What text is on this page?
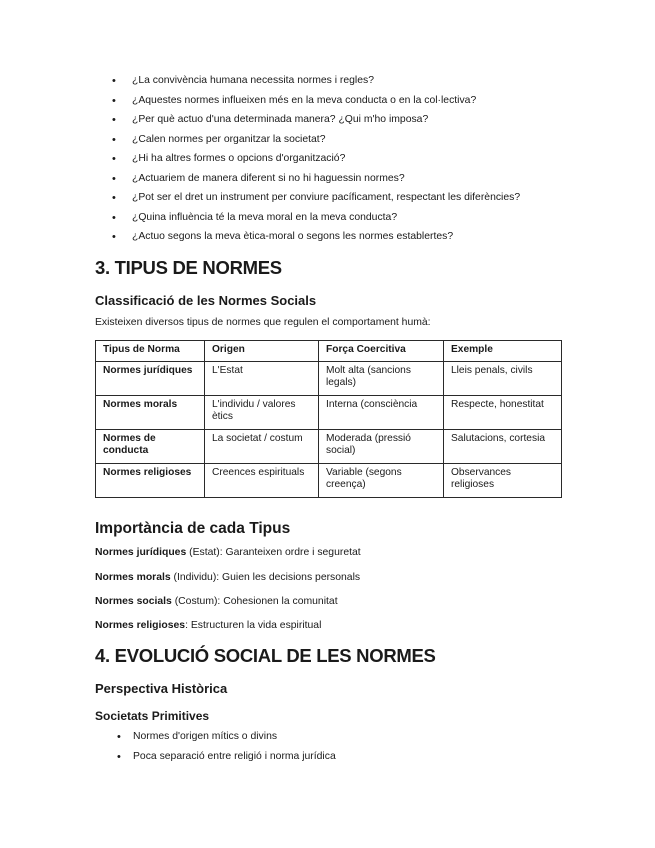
• ¿La convivència humana necessita normes i regles?
• ¿Aquestes normes influeixen més en la meva conducta o en la col·lectiva?
• ¿Per què actuo d'una determinada manera? ¿Qui m'ho imposa?
• ¿Calen normes per organitzar la societat?
• ¿Hi ha altres formes o opcions d'organització?
• ¿Actuariem de manera diferent si no hi haguessin normes?
• ¿Pot ser el dret un instrument per conviure pacíficament, respectant les diferències?
• ¿Quina influència té la meva moral en la meva conducta?
• ¿Actuo segons la meva ètica-moral o segons les normes establertes?
3. TIPUS DE NORMES
Classificació de les Normes Socials

Existeixen diversos tipus de normes que regulen el comportament humà:

Tipus de Norma	Origen	Força Coercitiva	Exemple
Normes jurídiques	L'Estat	Molt alta (sancions legals)	Lleis penals, civils
Normes morals	L'individu / valores ètics	Interna (consciència	Respecte, honestitat
Normes de conducta	La societat / costum	Moderada (pressió social)	Salutacions, cortesia
Normes religioses	Creences espirituals	Variable (segons creença)	Observances religioses
Importància de cada Tipus

Normes jurídiques (Estat): Garanteixen ordre i seguretat

Normes morals (Individu): Guien les decisions personals

Normes socials (Costum): Cohesionen la comunitat

Normes religioses: Estructuren la vida espiritual

4. EVOLUCIÓ SOCIAL DE LES NORMES
Perspectiva Històrica
Societats Primitives
• Normes d'origen mítics o divins
• Poca separació entre religió i norma jurídica
